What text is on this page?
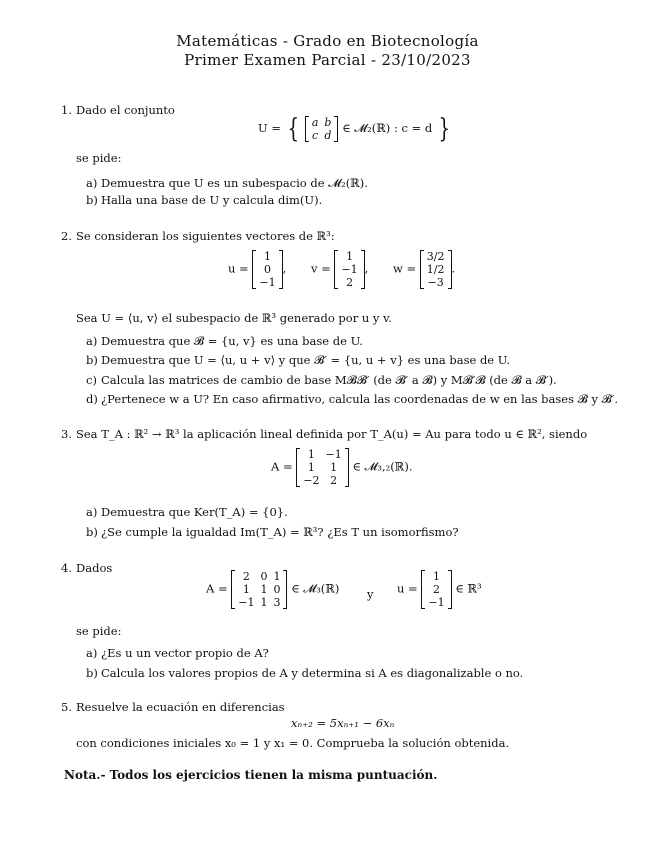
Matemáticas - Grado en Biotecnología
Primer Examen Parcial - 23/10/2023
1. Dado el conjunto
U = { a	b
c	d
∈ 𝓜₂(ℝ) : c = d }
se pide:
a) Demuestra que U es un subespacio de 𝓜₂(ℝ).
b) Halla una base de U y calcula dim(U).
2. Se consideran los siguientes vectores de ℝ³:
u =
1
0
−1
, v =
1
−1
2
, w =
3/2
1/2
−3
.
Sea U = ⟨u, v⟩ el subespacio de ℝ³ generado por u y v.
a) Demuestra que 𝓑 = {u, v} es una base de U.
b) Demuestra que U = ⟨u, u + v⟩ y que 𝓑′ = {u, u + v} es una base de U.
c) Calcula las matrices de cambio de base M𝓑𝓑′ (de 𝓑′ a 𝓑) y M𝓑′𝓑 (de 𝓑 a 𝓑′).
d) ¿Pertenece w a U? En caso afirmativo, calcula las coordenadas de w en las bases 𝓑 y 𝓑′.
3. Sea T_A : ℝ² → ℝ³ la aplicación lineal definida por T_A(u) = Au para todo u ∈ ℝ², siendo
A =
1	−1
1	1
−2	2
∈ 𝓜₃,₂(ℝ).
a) Demuestra que Ker(T_A) = {0}.
b) ¿Se cumple la igualdad Im(T_A) = ℝ³? ¿Es T un isomorfismo?
4. Dados
A =
2	0	1
1	1	0
−1	1	3
∈ 𝓜₃(ℝ) y u =
1
2
−1
∈ ℝ³
se pide:
a) ¿Es u un vector propio de A?
b) Calcula los valores propios de A y determina si A es diagonalizable o no.
5. Resuelve la ecuación en diferencias
xₙ₊₂ = 5xₙ₊₁ − 6xₙ
con condiciones iniciales x₀ = 1 y x₁ = 0. Comprueba la solución obtenida.
Nota.- Todos los ejercicios tienen la misma puntuación.
